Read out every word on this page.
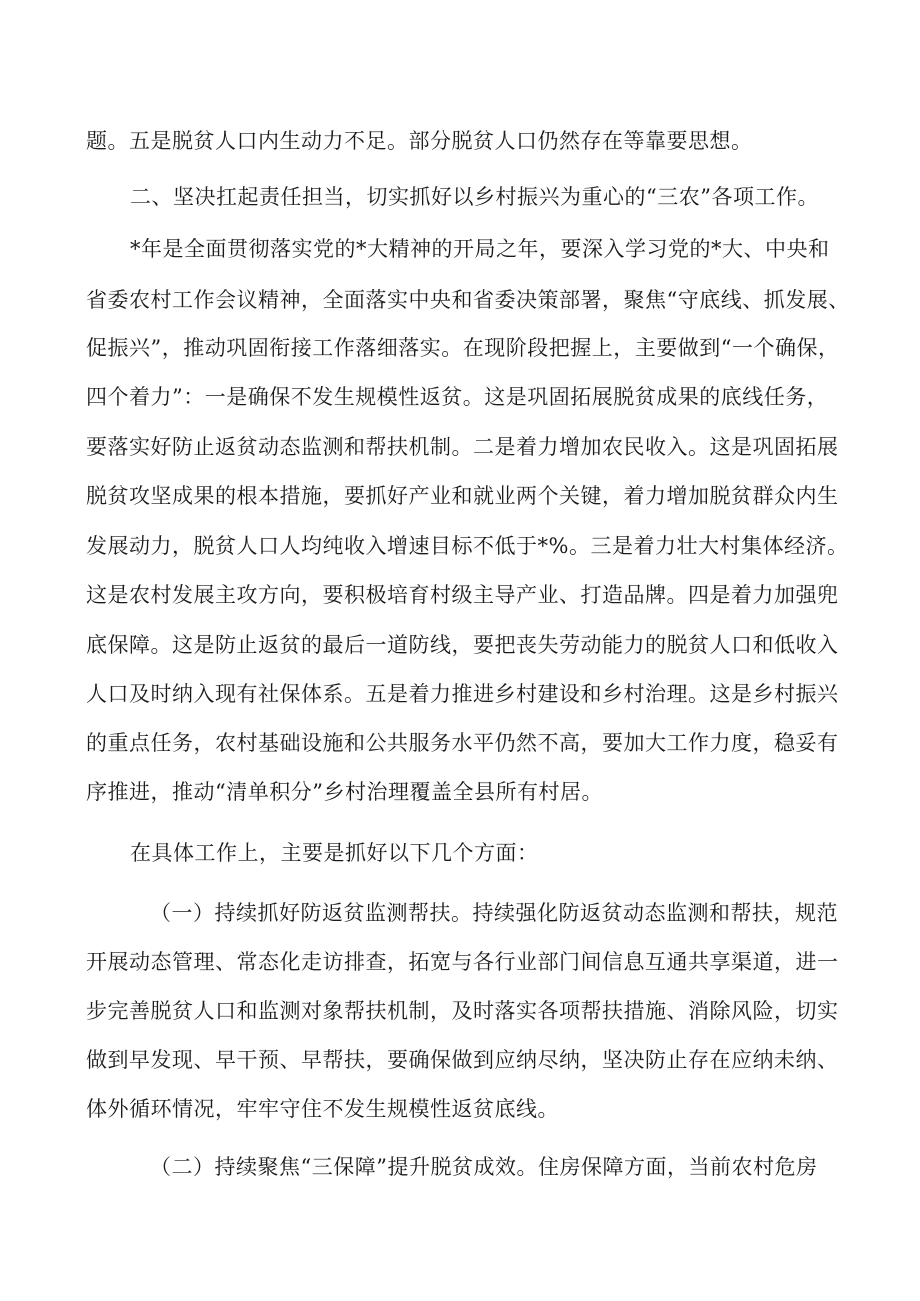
题。五是脱贫人口内生动力不足。部分脱贫人口仍然存在等靠要思想。
二、坚决扛起责任担当，切实抓好以乡村振兴为重心的“三农”各项工作。
*年是全面贯彻落实党的*大精神的开局之年，要深入学习党的*大、中央和
省委农村工作会议精神，全面落实中央和省委决策部署，聚焦“守底线、抓发展、
促振兴”，推动巩固衔接工作落细落实。在现阶段把握上，主要做到“一个确保，
四个着力”：一是确保不发生规模性返贫。这是巩固拓展脱贫成果的底线任务，
要落实好防止返贫动态监测和帮扶机制。二是着力增加农民收入。这是巩固拓展
脱贫攻坚成果的根本措施，要抓好产业和就业两个关键，着力增加脱贫群众内生
发展动力，脱贫人口人均纯收入增速目标不低于*%。三是着力壮大村集体经济。
这是农村发展主攻方向，要积极培育村级主导产业、打造品牌。四是着力加强兜
底保障。这是防止返贫的最后一道防线，要把丧失劳动能力的脱贫人口和低收入
人口及时纳入现有社保体系。五是着力推进乡村建设和乡村治理。这是乡村振兴
的重点任务，农村基础设施和公共服务水平仍然不高，要加大工作力度，稳妥有
序推进，推动“清单积分”乡村治理覆盖全县所有村居。
在具体工作上，主要是抓好以下几个方面：
（一）持续抓好防返贫监测帮扶。持续强化防返贫动态监测和帮扶，规范
开展动态管理、常态化走访排查，拓宽与各行业部门间信息互通共享渠道，进一
步完善脱贫人口和监测对象帮扶机制，及时落实各项帮扶措施、消除风险，切实
做到早发现、早干预、早帮扶，要确保做到应纳尽纳，坚决防止存在应纳未纳、
体外循环情况，牢牢守住不发生规模性返贫底线。
（二）持续聚焦“三保障”提升脱贫成效。住房保障方面，当前农村危房
